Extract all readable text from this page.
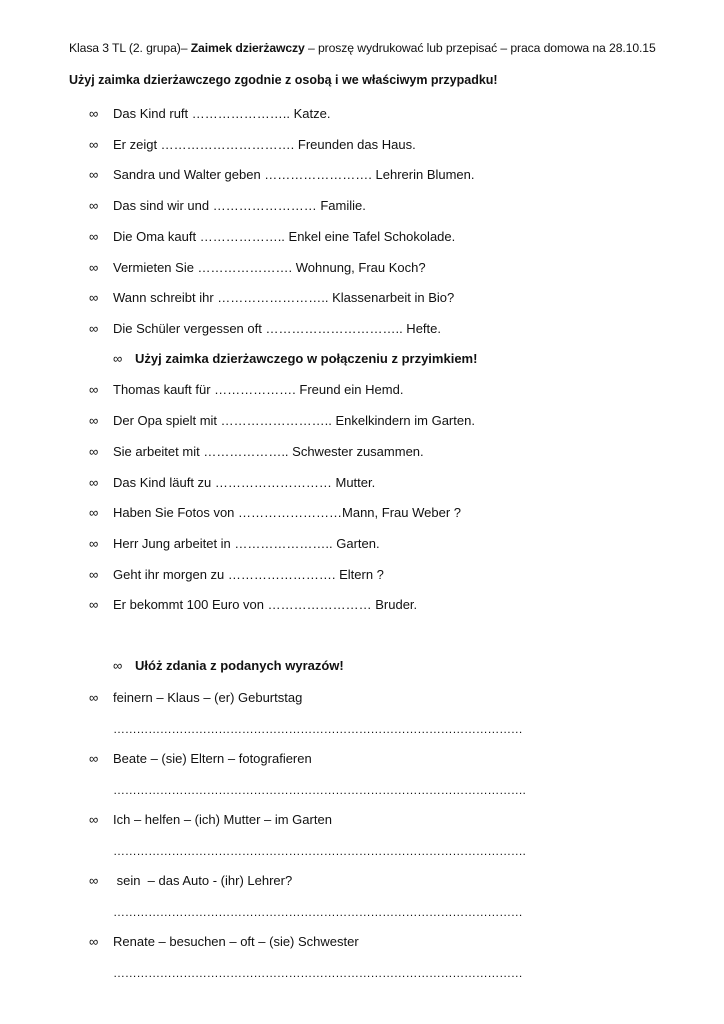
Klasa 3 TL (2. grupa)– Zaimek dzierżawczy – proszę wydrukować lub przepisać – praca domowa na 28.10.15
Użyj zaimka dzierżawczego zgodnie z osobą i we właściwym przypadku!
∞ Das Kind ruft ………………….. Katze.
∞ Er zeigt …………………………. Freunden das Haus.
∞ Sandra und Walter geben ……………………. Lehrerin Blumen.
∞ Das sind wir und …………………… Familie.
∞ Die Oma kauft ……………….. Enkel eine Tafel Schokolade.
∞ Vermieten Sie …………………. Wohnung, Frau Koch?
∞ Wann schreibt ihr …………………….. Klassenarbeit in Bio?
∞ Die Schüler vergessen oft ………………………….. Hefte.
∞ Użyj zaimka dzierżawczego w połączeniu z przyimkiem!
∞ Thomas kauft für ………………. Freund ein Hemd.
∞ Der Opa spielt mit …………………….. Enkelkindern im Garten.
∞ Sie arbeitet mit ……………….. Schwester zusammen.
∞ Das Kind läuft zu ……………………… Mutter.
∞ Haben Sie Fotos von ……………………Mann, Frau Weber ?
∞ Herr Jung arbeitet in ………………….. Garten.
∞ Geht ihr morgen zu ……………………. Eltern ?
∞ Er bekommt 100 Euro von …………………… Bruder.
∞ Ułóż zdania z podanych wyrazów!
∞ feinern – Klaus – (er) Geburtstag
……………………………………………………………………………………………
∞ Beate – (sie) Eltern – fotografieren
…………………………………………………………………………………………….
∞ Ich – helfen – (ich) Mutter – im Garten
…………………………………………………………………………………………….
∞ sein  – das Auto - (ihr) Lehrer?
……………………………………………………………………………………………
∞ Renate – besuchen – oft – (sie) Schwester
……………………………………………………………………………………………
